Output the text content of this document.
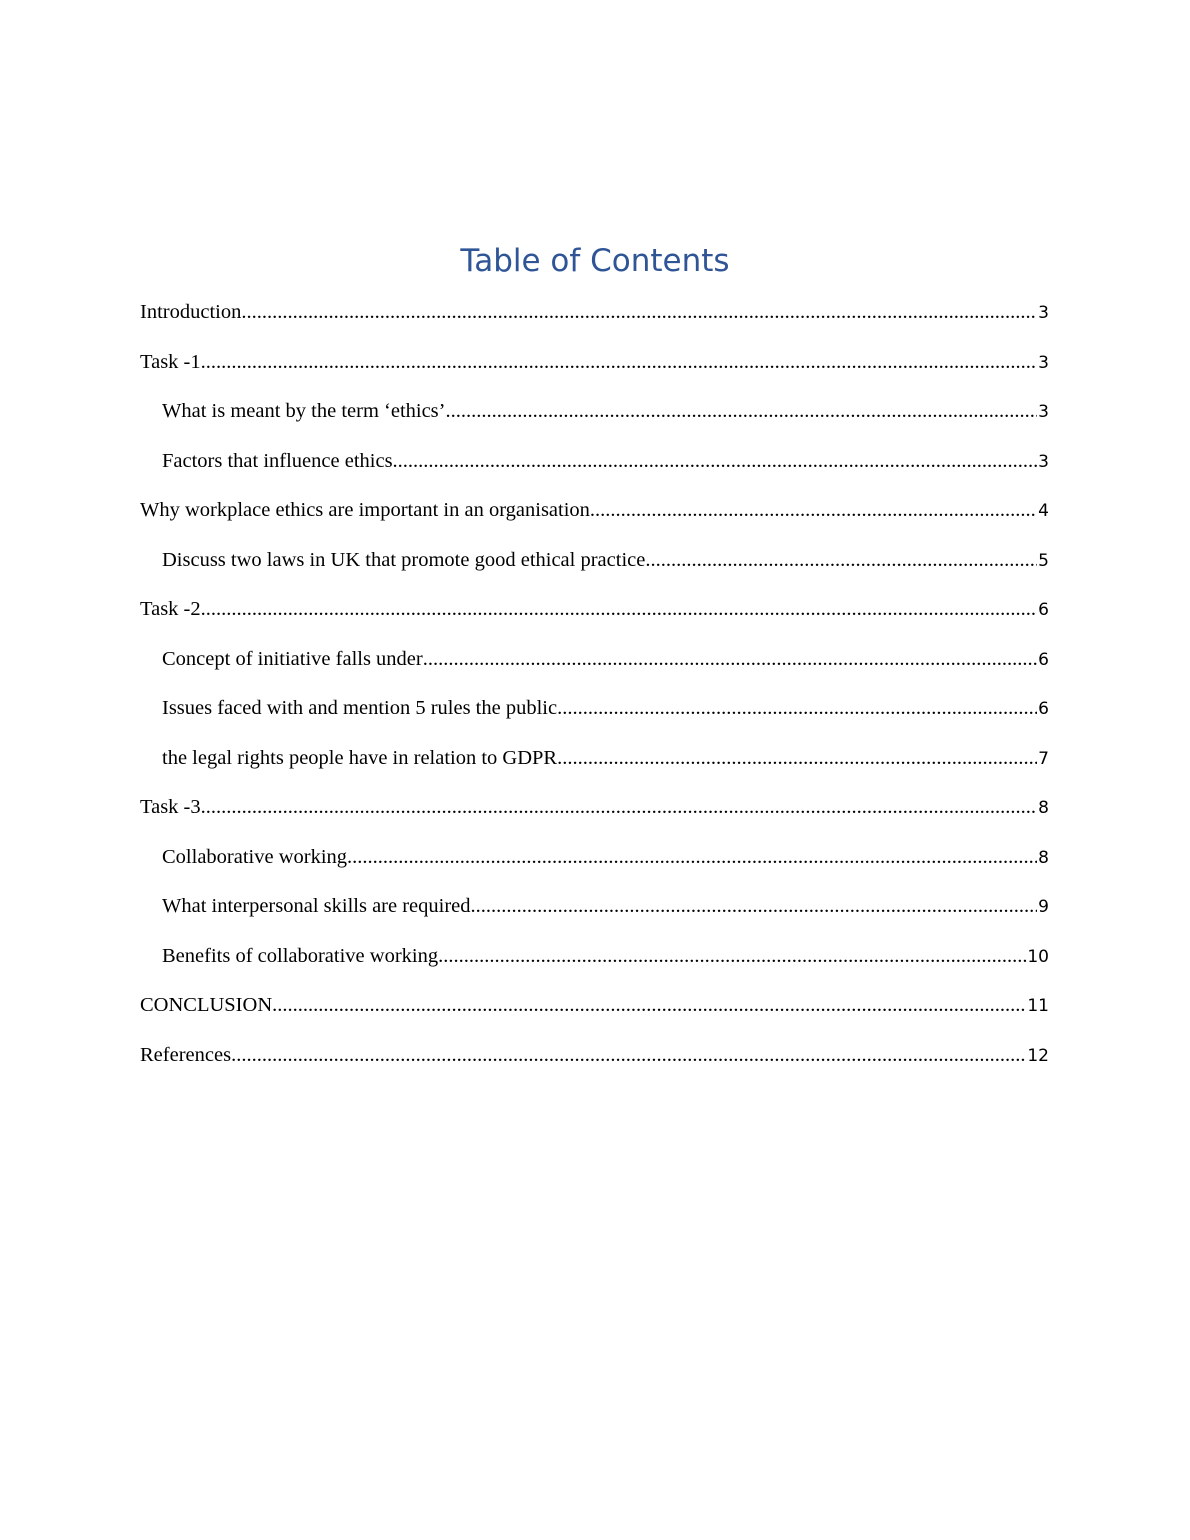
Table of Contents
Introduction .....	3
Task -1 .....	3
What is meant by the term ‘ethics’ .....	3
Factors that influence ethics .....	3
Why workplace ethics are important in an organisation .....	4
Discuss two laws in UK that promote good ethical practice .....	5
Task -2 .....	6
Concept of initiative falls under .....	6
Issues faced with and mention 5 rules the public .....	6
the legal rights people have in relation to GDPR. .....	7
Task -3 .....	8
Collaborative working .....	8
What interpersonal skills are required .....	9
Benefits of collaborative working .....	10
CONCLUSION .....	11
References .....	12
